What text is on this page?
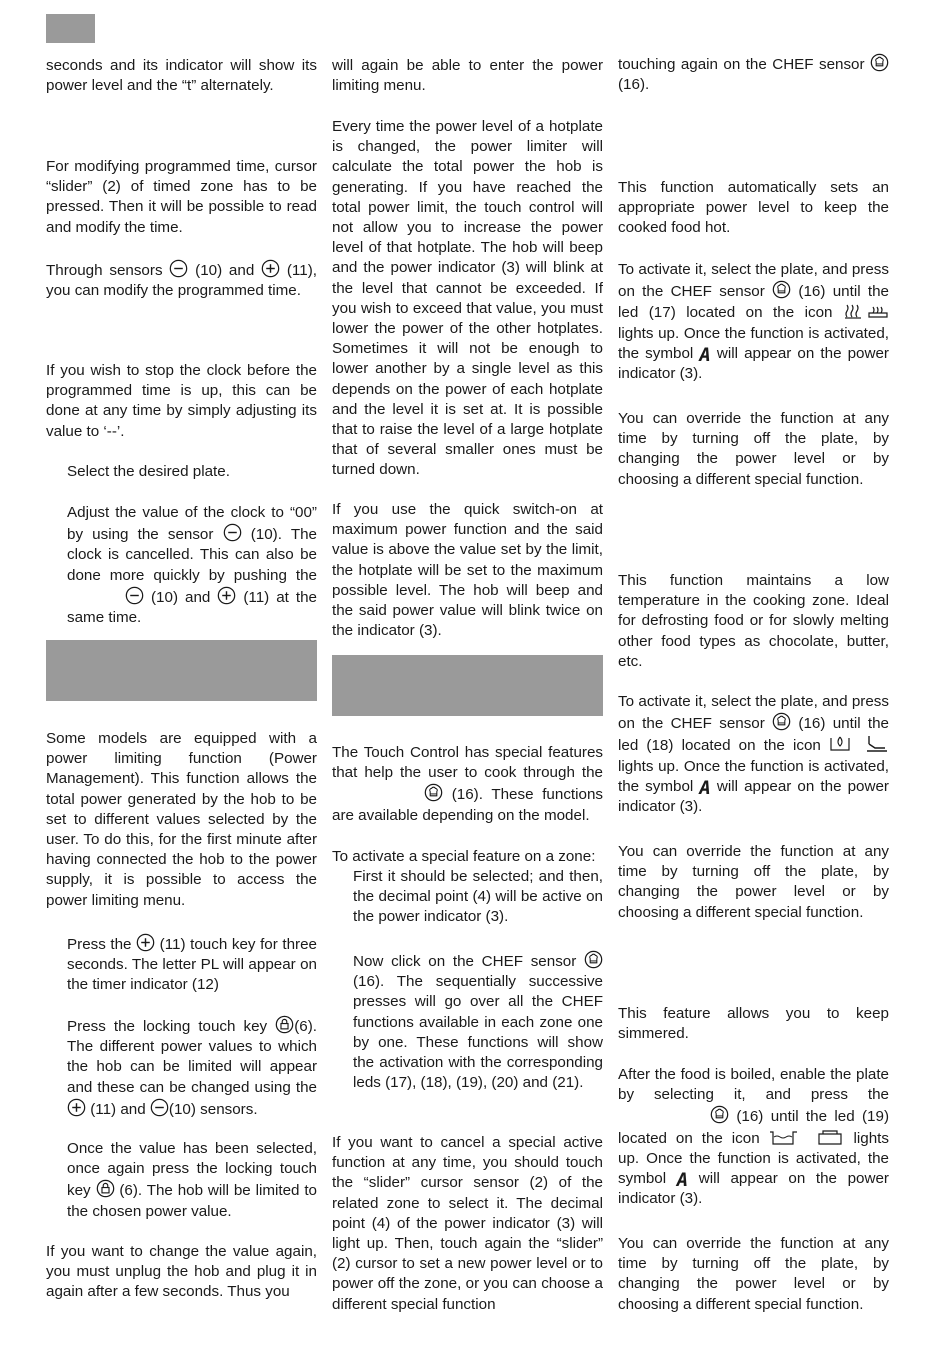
seconds and its indicator will show its power level and the “t” alternately.

For modifying programmed time, cursor “slider” (2) of timed zone has to be pressed. Then it will be possible to read and modify the time.

Through sensors (10) and (11), you can modify the programmed time.

If you wish to stop the clock before the programmed time is up, this can be done at any time by simply adjusting its value to ‘--’.

Select the desired plate.

Adjust the value of the clock to “00” by using the sensor (10). The clock is cancelled. This can also be done more quickly by pushing the
(10) and (11) at the same time.

Some models are equipped with a power limiting function (Power Management). This function allows the total power generated by the hob to be set to different values selected by the user. To do this, for the first minute after having connected the hob to the power supply, it is possible to access the power limiting menu.

Press the (11) touch key for three seconds. The letter PL will appear on the timer indicator (12)

Press the locking touch key (6). The different power values to which the hob can be limited will appear and these can be changed using the
(11) and (10) sensors.

Once the value has been selected, once again press the locking touch key (6). The hob will be limited to the chosen power value.

If you want to change the value again, you must unplug the hob and plug it in again after a few seconds. Thus you

will again be able to enter the power limiting menu.

Every time the power level of a hotplate is changed, the power limiter will calculate the total power the hob is generating. If you have reached the total power limit, the touch control will not allow you to increase the power level of that hotplate. The hob will beep and the power indicator (3) will blink at the level that cannot be exceeded. If you wish to exceed that value, you must lower the power of the other hotplates. Sometimes it will not be enough to lower another by a single level as this depends on the power of each hotplate and the level it is set at. It is possible that to raise the level of a large hotplate that of several smaller ones must be turned down.

If you use the quick switch-on at maximum power function and the said value is above the value set by the limit, the hotplate will be set to the maximum possible level. The hob will beep and the said power value will blink twice on the indicator (3).

The Touch Control has special features that help the user to cook through the
(16). These functions are available depending on the model.

To activate a special feature on a zone:

First it should be selected; and then, the decimal point (4) will be active on the power indicator (3).

Now click on the CHEF sensor
(16). The sequentially successive presses will go over all the CHEF functions available in each zone one by one. These functions will show the activation with the corresponding leds (17), (18), (19), (20) and (21).

If you want to cancel a special active function at any time, you should touch the “slider” cursor sensor (2) of the related zone to select it. The decimal point (4) of the power indicator (3) will light up. Then, touch again the “slider” (2) cursor to set a new power level or to power off the zone, or you can choose a different special function

touching again on the CHEF sensor
(16).

This function automatically sets an appropriate power level to keep the cooked food hot.

To activate it, select the plate, and press on the CHEF sensor (16) until the led (17) located on the icon
lights up. Once the function is activated, the symbol A will appear on the power indicator (3).

You can override the function at any time by turning off the plate, by changing the power level or by choosing a different special function.

This function maintains a low temperature in the cooking zone. Ideal for defrosting food or for slowly melting other food types as chocolate, butter, etc.

To activate it, select the plate, and press on the CHEF sensor (16) until the led (18) located on the icon
lights up. Once the function is activated, the symbol A will appear on the power indicator (3).

You can override the function at any time by turning off the plate, by changing the power level or by choosing a different special function.

This feature allows you to keep simmered.

After the food is boiled, enable the plate by selecting it, and press the
(16) until the led (19) located on the icon	lights up. Once the function is activated, the symbol A will appear on the power indicator (3).

You can override the function at any time by turning off the plate, by changing the power level or by choosing a different special function.
